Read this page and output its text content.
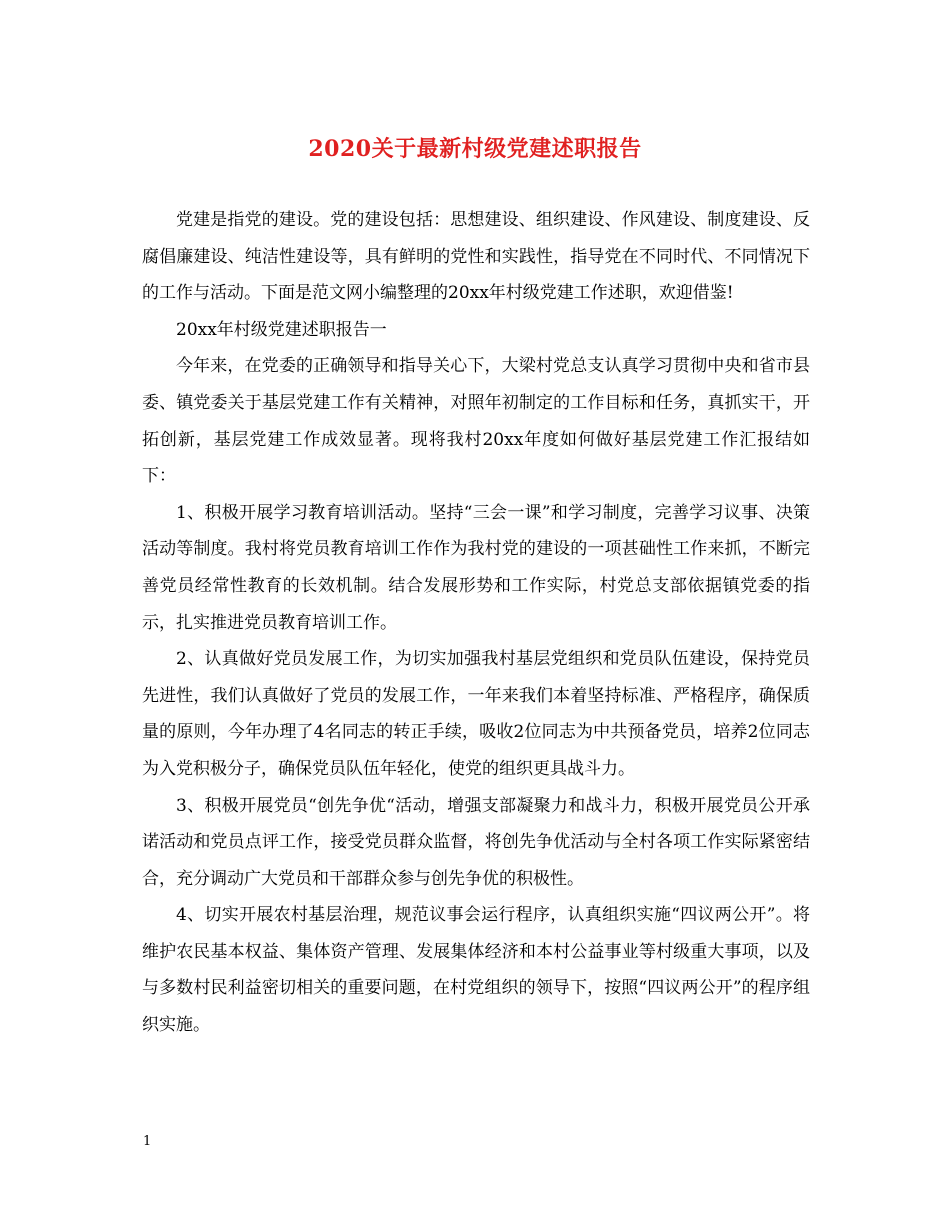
2020关于最新村级党建述职报告

党建是指党的建设。党的建设包括：思想建设、组织建设、作风建设、制度建设、反腐倡廉建设、纯洁性建设等，具有鲜明的党性和实践性，指导党在不同时代、不同情况下的工作与活动。下面是范文网小编整理的20xx年村级党建工作述职，欢迎借鉴!

20xx年村级党建述职报告一

今年来，在党委的正确领导和指导关心下，大梁村党总支认真学习贯彻中央和省市县委、镇党委关于基层党建工作有关精神，对照年初制定的工作目标和任务，真抓实干，开拓创新，基层党建工作成效显著。现将我村20xx年度如何做好基层党建工作汇报结如下：

1、积极开展学习教育培训活动。坚持“三会一课”和学习制度，完善学习议事、决策活动等制度。我村将党员教育培训工作作为我村党的建设的一项甚础性工作来抓，不断完善党员经常性教育的长效机制。结合发展形势和工作实际，村党总支部依据镇党委的指示，扎实推进党员教育培训工作。

2、认真做好党员发展工作，为切实加强我村基层党组织和党员队伍建设，保持党员先进性，我们认真做好了党员的发展工作，一年来我们本着坚持标准、严格程序，确保质量的原则，今年办理了4名同志的转正手续，吸收2位同志为中共预备党员，培养2位同志为入党积极分子，确保党员队伍年轻化，使党的组织更具战斗力。

3、积极开展党员“创先争优“活动，增强支部凝聚力和战斗力，积极开展党员公开承诺活动和党员点评工作，接受党员群众监督，将创先争优活动与全村各项工作实际紧密结合，充分调动广大党员和干部群众参与创先争优的积极性。

4、切实开展农村基层治理，规范议事会运行程序，认真组织实施“四议两公开”。将维护农民基本权益、集体资产管理、发展集体经济和本村公益事业等村级重大事项，以及与多数村民利益密切相关的重要问题，在村党组织的领导下，按照“四议两公开”的程序组织实施。

1
